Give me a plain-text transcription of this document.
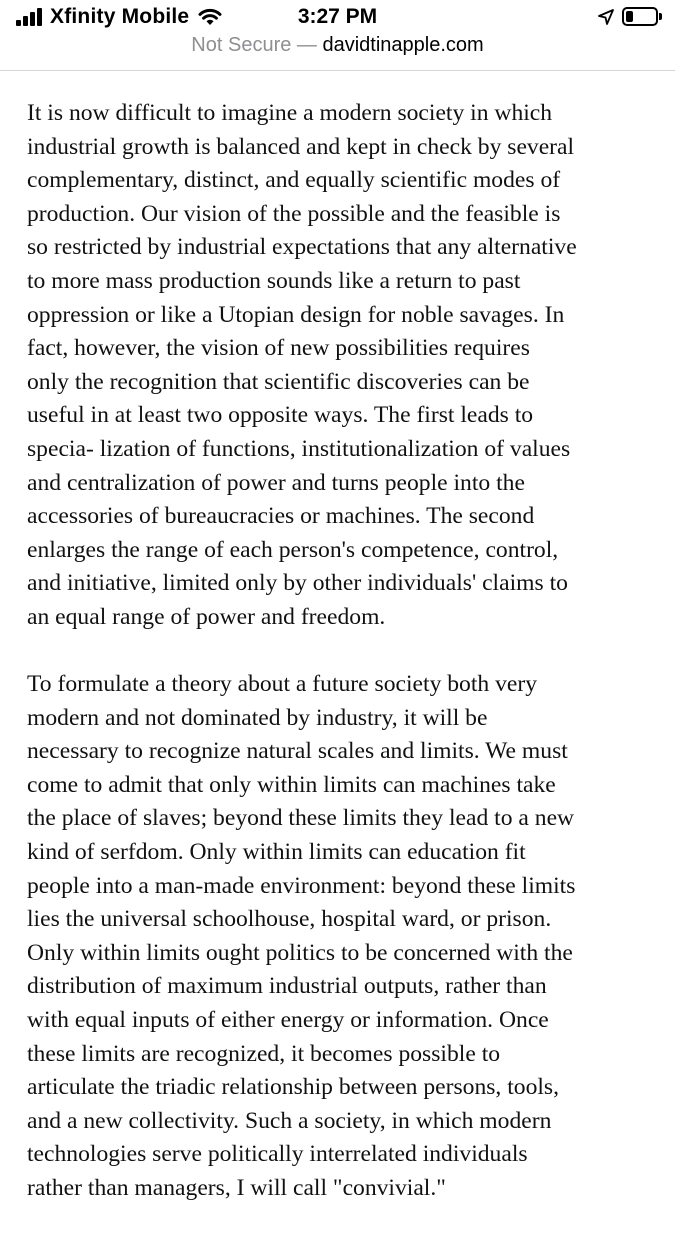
Xfinity Mobile	3:27 PM
Not Secure — davidtinapple.com

It is now difficult to imagine a modern society in which
industrial growth is balanced and kept in check by several
complementary, distinct, and equally scientific modes of
production. Our vision of the possible and the feasible is
so restricted by industrial expectations that any alternative
to more mass production sounds like a return to past
oppression or like a Utopian design for noble savages. In
fact, however, the vision of new possibilities requires
only the recognition that scientific discoveries can be
useful in at least two opposite ways. The first leads to
specia- lization of functions, institutionalization of values
and centralization of power and turns people into the
accessories of bureaucracies or machines. The second
enlarges the range of each person's competence, control,
and initiative, limited only by other individuals' claims to
an equal range of power and freedom.

To formulate a theory about a future society both very
modern and not dominated by industry, it will be
necessary to recognize natural scales and limits. We must
come to admit that only within limits can machines take
the place of slaves; beyond these limits they lead to a new
kind of serfdom. Only within limits can education fit
people into a man-made environment: beyond these limits
lies the universal schoolhouse, hospital ward, or prison.
Only within limits ought politics to be concerned with the
distribution of maximum industrial outputs, rather than
with equal inputs of either energy or information. Once
these limits are recognized, it becomes possible to
articulate the triadic relationship between persons, tools,
and a new collectivity. Such a society, in which modern
technologies serve politically interrelated individuals
rather than managers, I will call "convivial."
